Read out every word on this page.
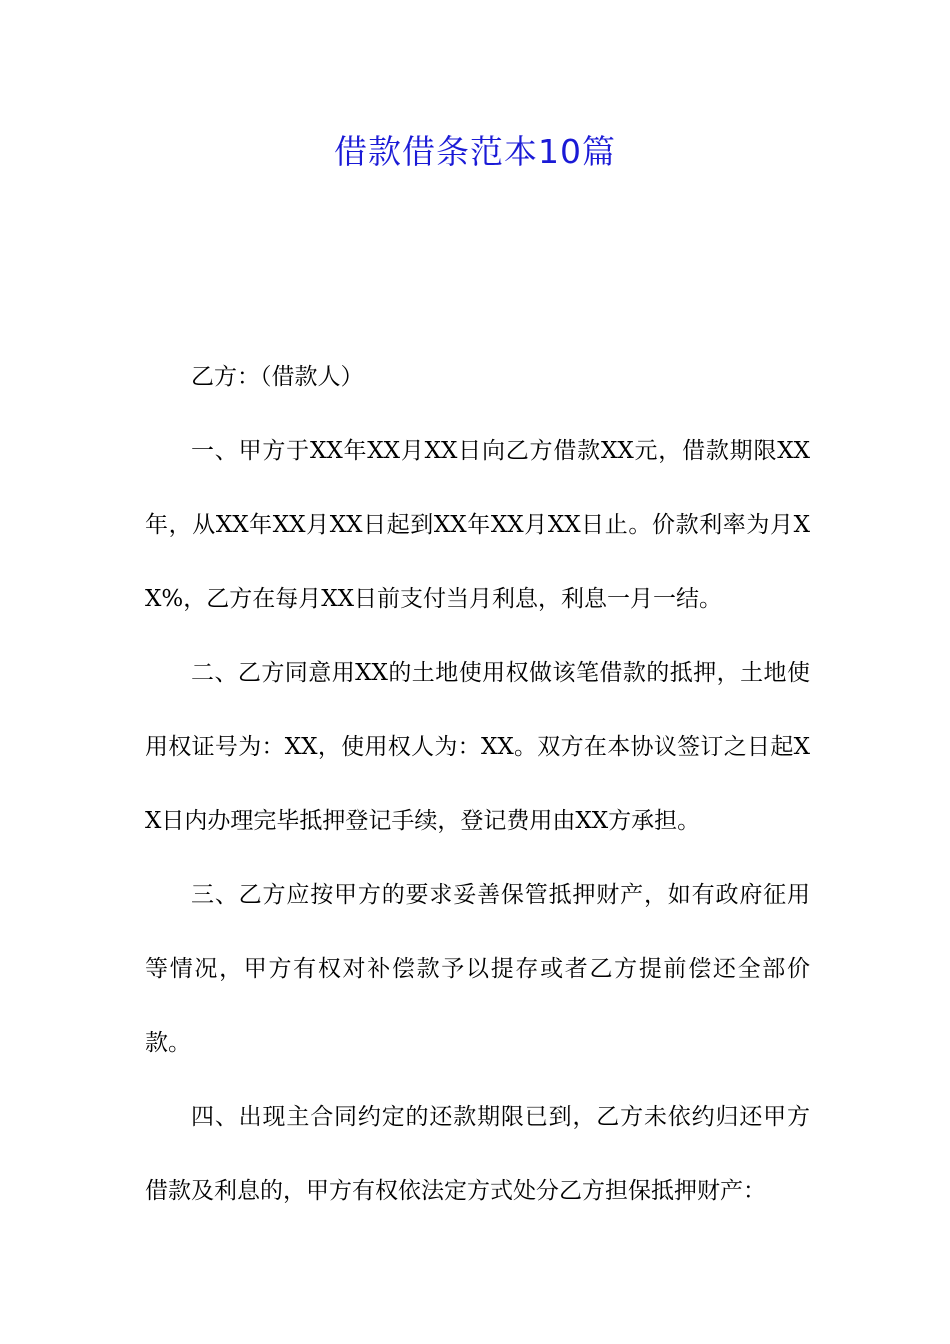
借款借条范本10篇

乙方：（借款人）

一、甲方于XX年XX月XX日向乙方借款XX元，借款期限XX年，从XX年XX月XX日起到XX年XX月XX日止。价款利率为月XX%，乙方在每月XX日前支付当月利息，利息一月一结。

二、乙方同意用XX的土地使用权做该笔借款的抵押，土地使用权证号为：XX，使用权人为：XX。双方在本协议签订之日起XX日内办理完毕抵押登记手续，登记费用由XX方承担。

三、乙方应按甲方的要求妥善保管抵押财产，如有政府征用等情况，甲方有权对补偿款予以提存或者乙方提前偿还全部价款。

四、出现主合同约定的还款期限已到，乙方未依约归还甲方借款及利息的，甲方有权依法定方式处分乙方担保抵押财产：
